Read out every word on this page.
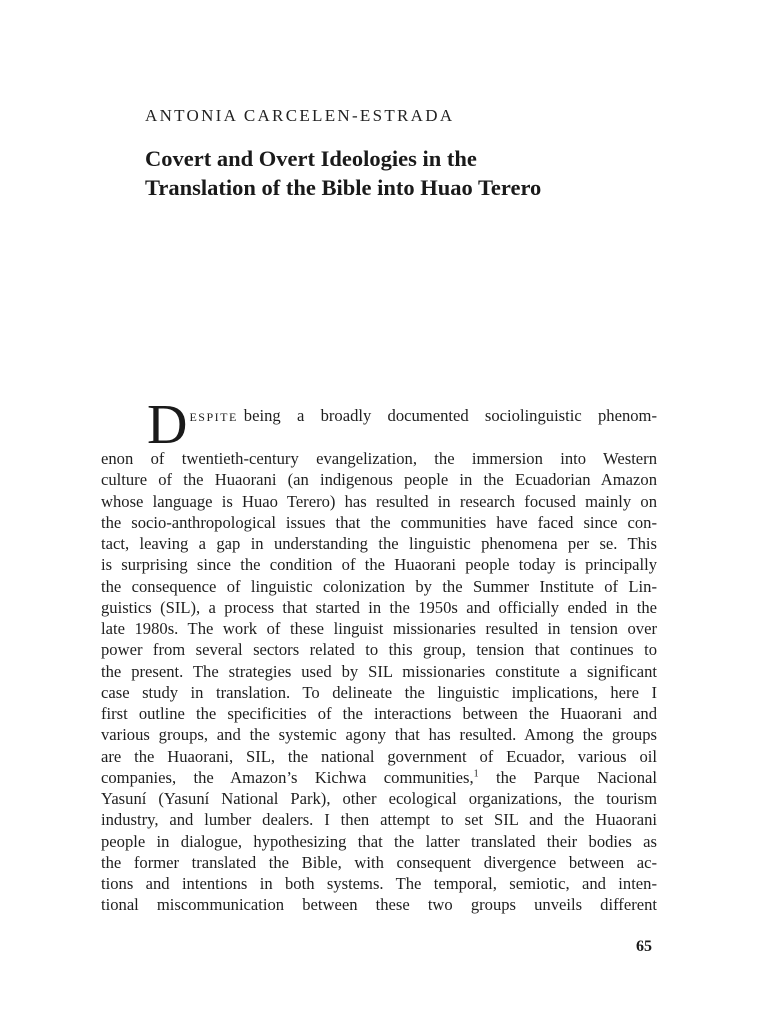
ANTONIA CARCELEN-ESTRADA
Covert and Overt Ideologies in the
Translation of the Bible into Huao Terero
D espite being a broadly documented sociolinguistic phenom-
enon of twentieth-century evangelization, the immersion into Western
culture of the Huaorani (an indigenous people in the Ecuadorian Amazon
whose language is Huao Terero) has resulted in research focused mainly on
the socio-anthropological issues that the communities have faced since con-
tact, leaving a gap in understanding the linguistic phenomena per se. This
is surprising since the condition of the Huaorani people today is principally
the consequence of linguistic colonization by the Summer Institute of Lin-
guistics (SIL), a process that started in the 1950s and officially ended in the
late 1980s. The work of these linguist missionaries resulted in tension over
power from several sectors related to this group, tension that continues to
the present. The strategies used by SIL missionaries constitute a significant
case study in translation. To delineate the linguistic implications, here I
first outline the specificities of the interactions between the Huaorani and
various groups, and the systemic agony that has resulted. Among the groups
are the Huaorani, SIL, the national government of Ecuador, various oil
companies, the Amazon’s Kichwa communities,$^1$ the Parque Nacional
Yasuní (Yasuní National Park), other ecological organizations, the tourism
industry, and lumber dealers. I then attempt to set SIL and the Huaorani
people in dialogue, hypothesizing that the latter translated their bodies as
the former translated the Bible, with consequent divergence between ac-
tions and intentions in both systems. The temporal, semiotic, and inten-
tional miscommunication between these two groups unveils different
65
